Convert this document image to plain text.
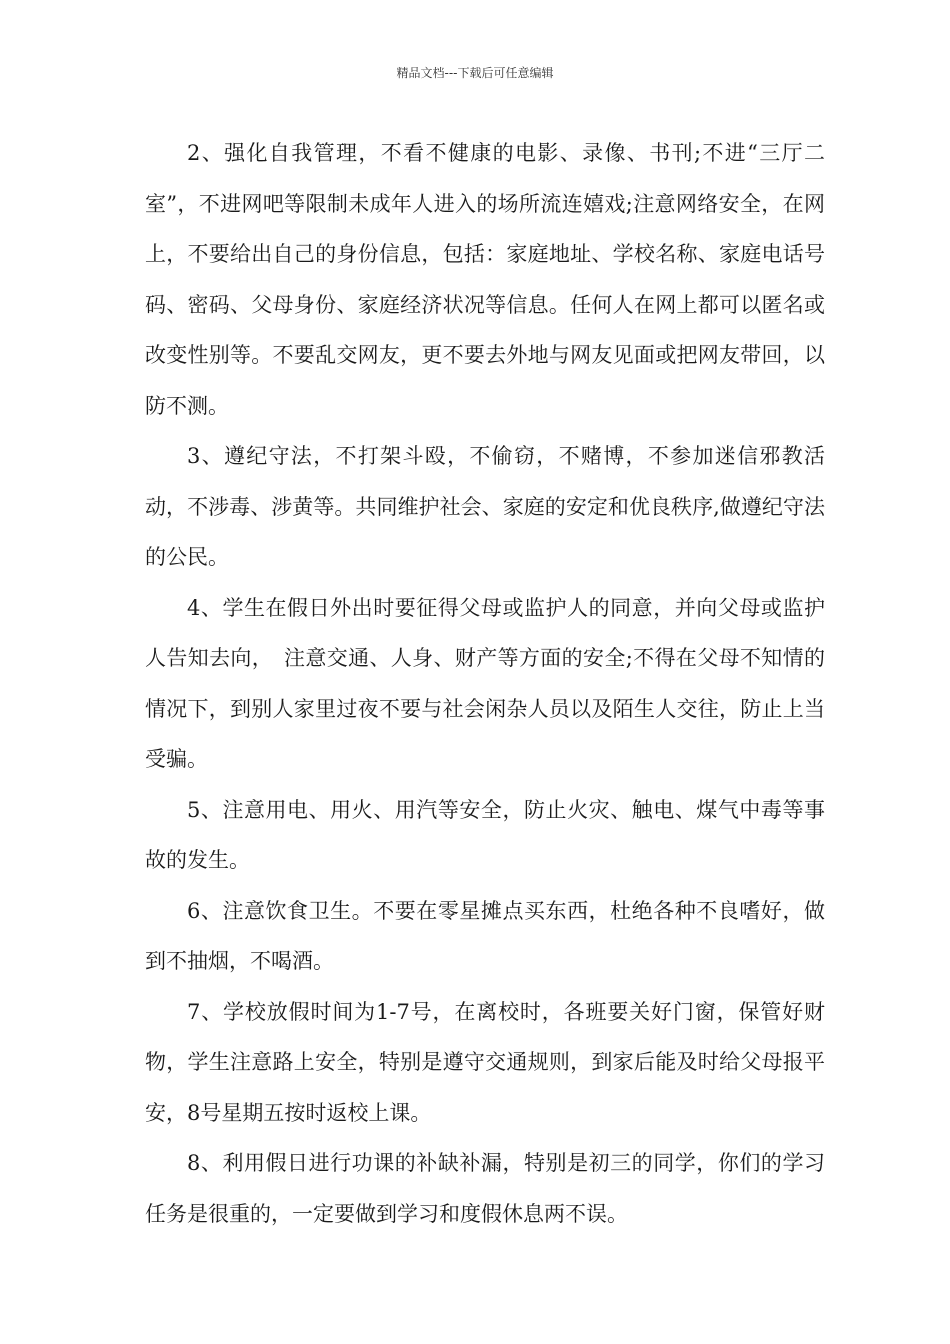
精品文档---下载后可任意编辑

2、强化自我管理，不看不健康的电影、录像、书刊;不进“三厅二室”，不进网吧等限制未成年人进入的场所流连嬉戏;注意网络安全，在网上，不要给出自己的身份信息，包括：家庭地址、学校名称、家庭电话号码、密码、父母身份、家庭经济状况等信息。任何人在网上都可以匿名或改变性别等。不要乱交网友，更不要去外地与网友见面或把网友带回，以防不测。

3、遵纪守法，不打架斗殴，不偷窃，不赌博，不参加迷信邪教活动，不涉毒、涉黄等。共同维护社会、家庭的安定和优良秩序,做遵纪守法的公民。

4、学生在假日外出时要征得父母或监护人的同意，并向父母或监护人告知去向，　注意交通、人身、财产等方面的安全;不得在父母不知情的情况下，到别人家里过夜不要与社会闲杂人员以及陌生人交往，防止上当受骗。

5、注意用电、用火、用汽等安全，防止火灾、触电、煤气中毒等事故的发生。

6、注意饮食卫生。不要在零星摊点买东西，杜绝各种不良嗜好，做到不抽烟，不喝酒。

7、学校放假时间为1-7号，在离校时，各班要关好门窗，保管好财物，学生注意路上安全，特别是遵守交通规则，到家后能及时给父母报平安，8号星期五按时返校上课。

8、利用假日进行功课的补缺补漏，特别是初三的同学，你们的学习任务是很重的，一定要做到学习和度假休息两不误。
